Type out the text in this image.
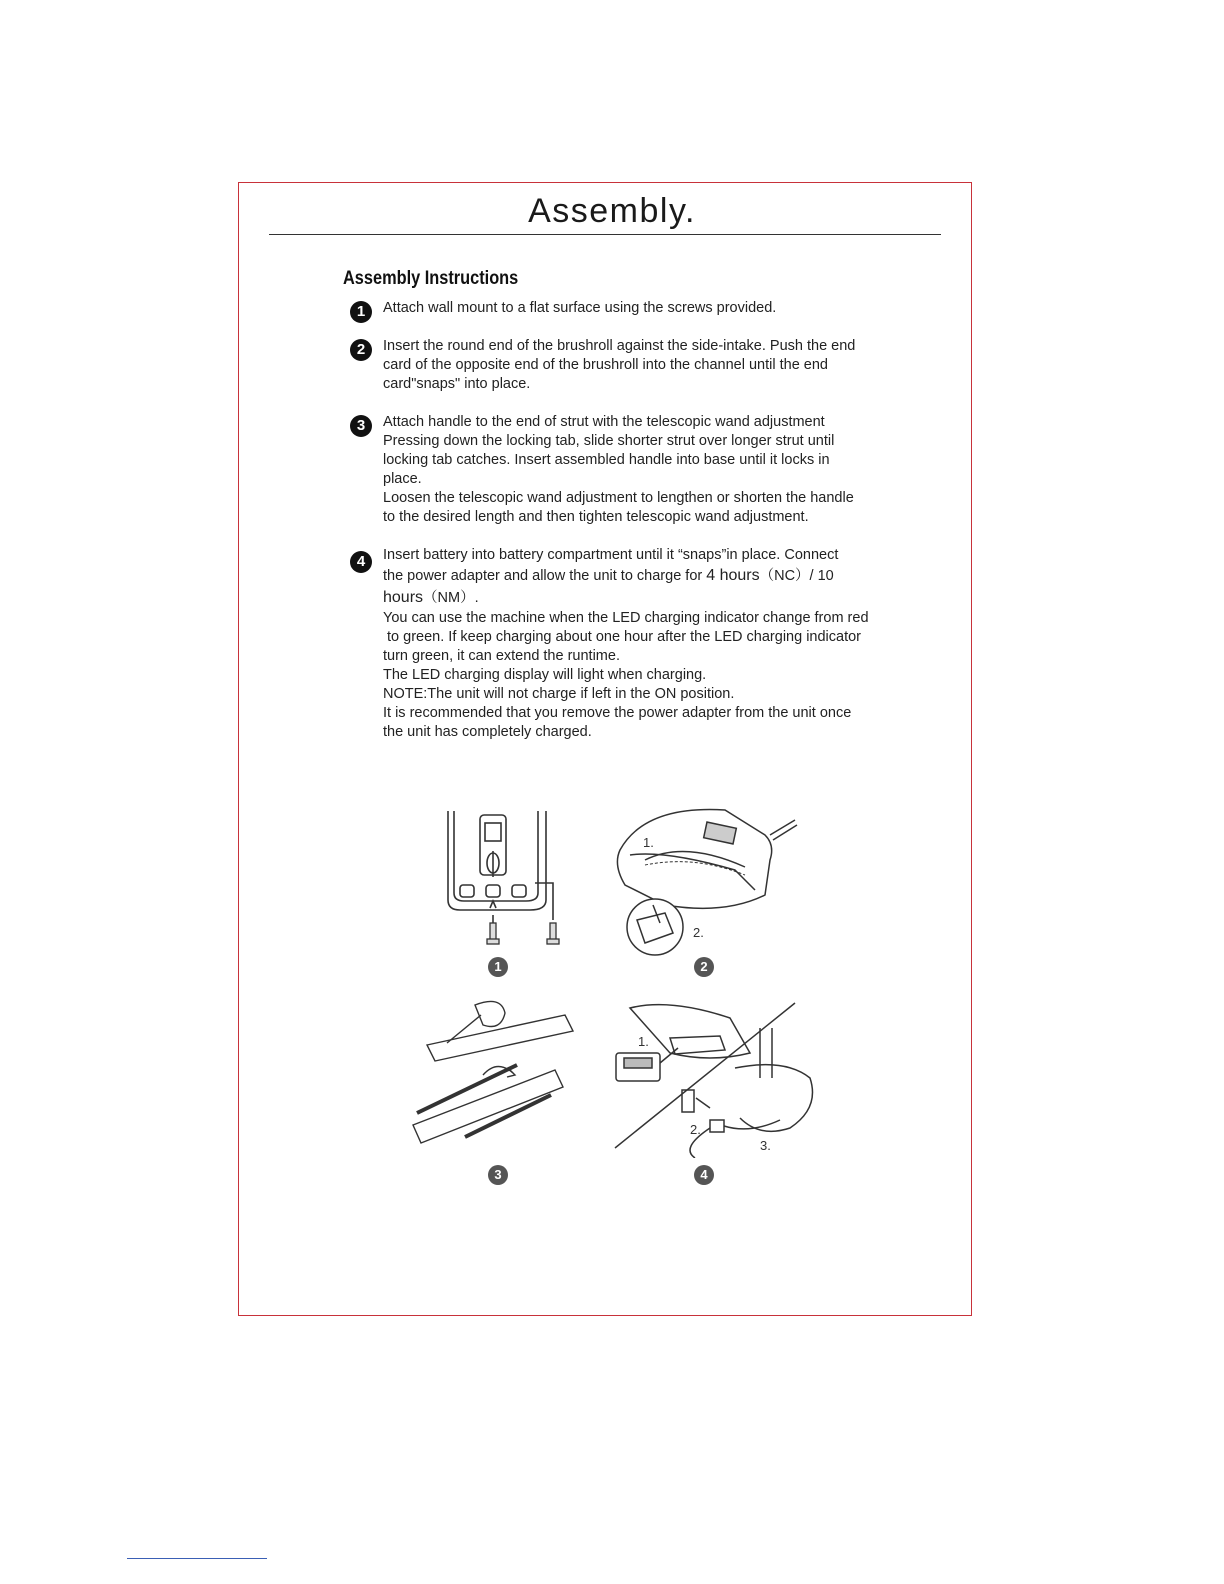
Assembly.
Assembly Instructions
1	Attach wall mount to a flat surface using the screws provided.
2	Insert the round end of the brushroll against the side-intake. Push the end
card of the opposite end of the brushroll into the channel until the end
card"snaps" into place.
3	Attach handle to the end of strut with the telescopic wand adjustment
Pressing down the locking tab, slide shorter strut over longer strut until
locking tab catches. Insert assembled handle into base until it locks in
place.
Loosen the telescopic wand adjustment to lengthen or shorten the handle
to the desired length and then tighten telescopic wand adjustment.
4	Insert battery into battery compartment until it “snaps”in place. Connect
the power adapter and allow the unit to charge for 4 hours（NC）/ 10
hours（NM）.
You can use the machine when the LED charging indicator change from red
to green. If keep charging about one hour after the LED charging indicator
turn green, it can extend the runtime.
The LED charging display will light when charging.
NOTE:The unit will not charge if left in the ON position.
It is recommended that you remove the power adapter from the unit once
the unit has completely charged.
1
1.
2.
2
3
1.
2.
3.
4
